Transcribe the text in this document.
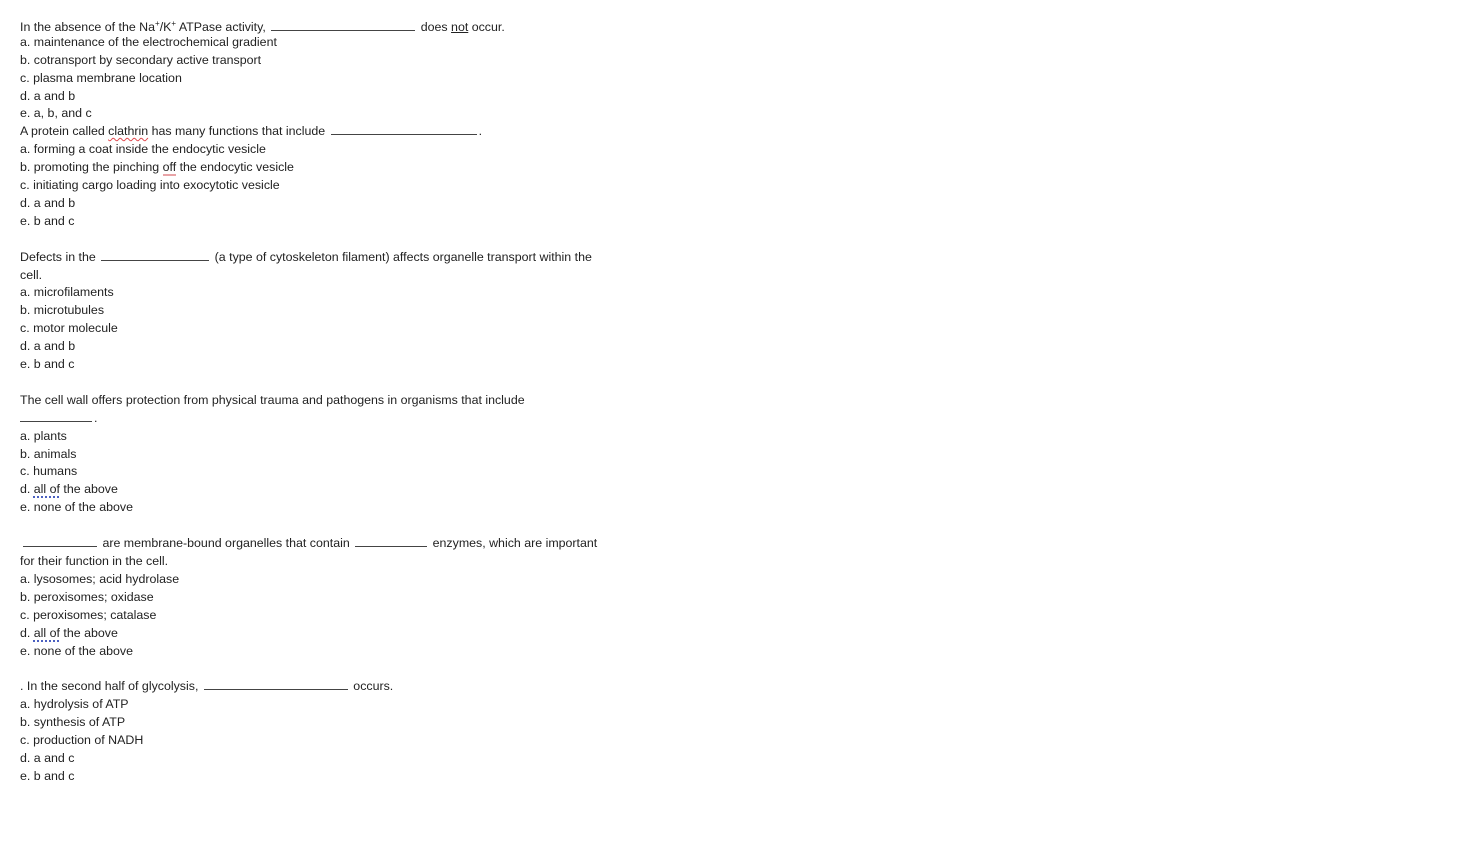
In the absence of the Na+/K+ ATPase activity,	does not occur.
a. maintenance of the electrochemical gradient
b. cotransport by secondary active transport
c. plasma membrane location
d. a and b
e. a, b, and c
A protein called clathrin has many functions that include	.
a. forming a coat inside the endocytic vesicle
b. promoting the pinching off the endocytic vesicle
c. initiating cargo loading into exocytotic vesicle
d. a and b
e. b and c
Defects in the	(a type of cytoskeleton filament) affects organelle transport within the
cell.
a. microfilaments
b. microtubules
c. motor molecule
d. a and b
e. b and c
The cell wall offers protection from physical trauma and pathogens in organisms that include
.
a. plants
b. animals
c. humans
d. all of the above
e. none of the above
are membrane-bound organelles that contain	enzymes, which are important
for their function in the cell.
a. lysosomes; acid hydrolase
b. peroxisomes; oxidase
c. peroxisomes; catalase
d. all of the above
e. none of the above
. In the second half of glycolysis,	occurs.
a. hydrolysis of ATP
b. synthesis of ATP
c. production of NADH
d. a and c
e. b and c
